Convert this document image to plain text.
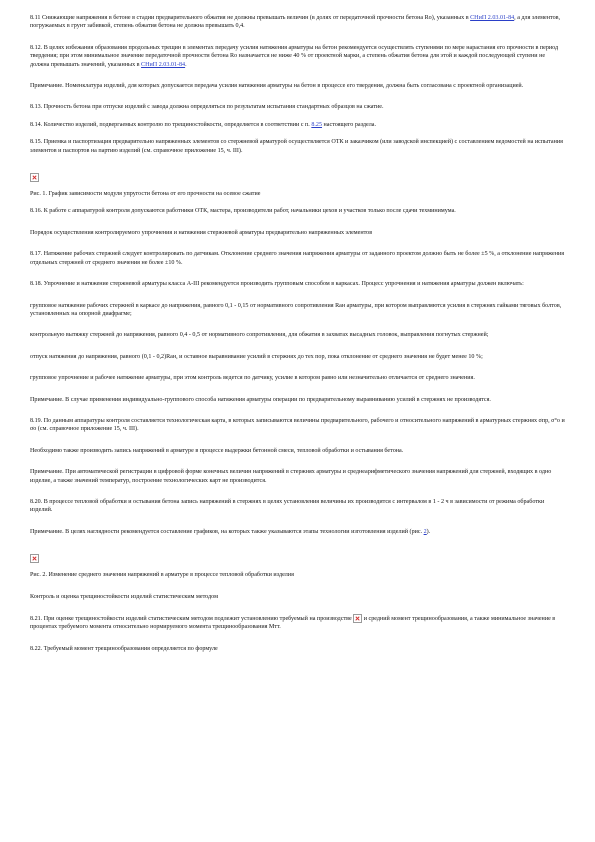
8.11 Снижающие напряжения в бетоне в стадии предварительного обжатия не должны превышать величин (в долях от передаточной прочности бетона Ro), указанных в СНиП 2.03.01-84, а для элементов, погружаемых в грунт забивкой, степень обжатия бетона не должна превышать 0,4.

8.12. В целях избежания образования продольных трещин в элементах передачу усилия натяжения арматуры на бетон рекомендуется осуществлять ступенями по мере нарастания его прочности в период твердения; при этом минимальное значение передаточной прочности бетона Ro назначается не ниже 40 % от проектной марки, а степень обжатия бетона для этой и каждой последующей ступени не должна превышать значений, указанных в СНиП 2.03.01-84.

Примечание. Номенклатура изделий, для которых допускается передача усилия натяжения арматуры на бетон в процессе его твердения, должна быть согласована с проектной организацией.

8.13. Прочность бетона при отпуске изделий с завода должна определяться по результатам испытания стандартных образцов на сжатие.

8.14. Количество изделий, подвергаемых контролю по трещиностойкости, определяется в соответствии с п. 8.25 настоящего раздела.

8.15. Приемка и паспортизация предварительно напряженных элементов со стержневой арматурой осуществляется ОТК и заказчиком (или заводской инспекцией) с составлением ведомостей на испытания элементов и паспортов на партию изделий (см. справочное приложение 15, ч. III).

Рис. 1. График зависимости модуля упругости бетона от его прочности на осевое сжатие

8.16. К работе с аппаратурой контроля допускаются работники ОТК, мастера, производители работ, начальники цехов и участков только после сдачи техминимума.

Порядок осуществления контролируемого упрочнения и натяжения стержневой арматуры предварительно напряженных элементов

8.17. Натяжение рабочих стержней следует контролировать по датчикам. Отклонение среднего значения напряжения арматуры от заданного проектом должно быть не более ±5 %, а отклонение напряжения отдельных стержней от среднего значения не более ±10 %.

8.18. Упрочнение и натяжение стержневой арматуры класса А-III рекомендуется производить групповым способом в каркасах. Процесс упрочнения и натяжения арматуры должен включать:

групповое натяжение рабочих стержней в каркасе до напряжения, равного 0,1 - 0,15 от нормативного сопротивления Rан арматуры, при котором выправляются усилия в стержнях гайками тяговых болтов, установленных на опорной диафрагме;

контрольную вытяжку стержней до напряжения, равного 0,4 - 0,5 от нормативного сопротивления, для обжатия в захватах высадных головок, выправления погнутых стержней;

отпуск натяжения до напряжения, равного (0,1 - 0,2)Rан, и оставное выравнивание усилий в стержнях до тех пор, пока отклонение от среднего значения не будет менее 10 %;

групповое упрочнение и рабочее натяжение арматуры, при этом контроль ведется по датчику, усилие в котором равно или незначительно отличается от среднего значения.

Примечание. В случае применения индивидуально-группового способа натяжения арматуры операции по предварительному выравниванию усилий в стержнях не производятся.

8.19. По данным аппаратуры контроля составляется технологическая карта, в которых записываются величины предварительного, рабочего и относительного напряжений в арматурных стержнях σпр, σ°о и σо (см. справочное приложение 15, ч. III).

Необходимо также производить запись напряжений в арматуре в процессе выдержки бетонной смеси, тепловой обработки и остывания бетона.

Примечание. При автоматической регистрации в цифровой форме конечных величин напряжений в стержнях арматуры и среднеарифметического значения напряжений для стержней, входящих в одно изделие, а также значений температур, построение технологических карт не производится.

8.20. В процессе тепловой обработки и остывания бетона запись напряжений в стержнях в целях установления величины их производится с интервалом в 1 - 2 ч в зависимости от режима обработки изделий.

Примечание. В целях наглядности рекомендуется составление графиков, на которых также указываются этапы технологии изготовления изделий (рис. 2).

Рис. 2. Изменение среднего значения напряжений в арматуре в процессе тепловой обработки изделия

Контроль и оценка трещиностойкости изделий статистическим методом

8.21. При оценке трещиностойкости изделий статистическим методом подлежит установлению требуемый на производстве  и средний момент трещинообразования, а также минимальное значение в процентах требуемого момента относительно нормируемого момента трещинообразования Мтт.

8.22. Требуемый момент трещинообразования определяется по формуле
